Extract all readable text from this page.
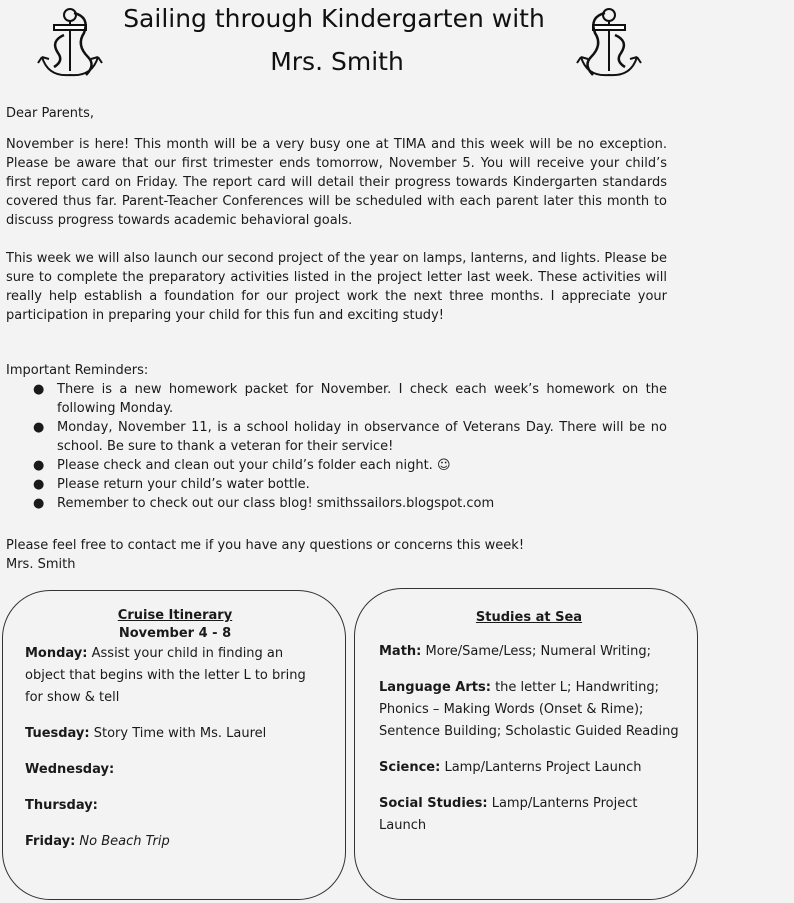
Sailing through Kindergarten with
Mrs. Smith
Dear Parents,
November is here! This month will be a very busy one at TIMA and this week will be no exception. Please be aware that our first trimester ends tomorrow, November 5. You will receive your child’s first report card on Friday. The report card will detail their progress towards Kindergarten standards covered thus far. Parent-Teacher Conferences will be scheduled with each parent later this month to discuss progress towards academic behavioral goals.
This week we will also launch our second project of the year on lamps, lanterns, and lights. Please be sure to complete the preparatory activities listed in the project letter last week. These activities will really help establish a foundation for our project work the next three months. I appreciate your participation in preparing your child for this fun and exciting study!
Important Reminders:
● There is a new homework packet for November. I check each week’s homework on the following Monday.
● Monday, November 11, is a school holiday in observance of Veterans Day. There will be no school. Be sure to thank a veteran for their service!
● Please check and clean out your child’s folder each night. ☺
● Please return your child’s water bottle.
● Remember to check out our class blog! smithssailors.blogspot.com
Please feel free to contact me if you have any questions or concerns this week!
Mrs. Smith
Cruise Itinerary
November 4 - 8
Monday: Assist your child in finding an object that begins with the letter L to bring for show & tell
Tuesday: Story Time with Ms. Laurel
Wednesday:
Thursday:
Friday: No Beach Trip
Studies at Sea
Math: More/Same/Less; Numeral Writing;
Language Arts: the letter L; Handwriting; Phonics – Making Words (Onset & Rime); Sentence Building; Scholastic Guided Reading
Science: Lamp/Lanterns Project Launch
Social Studies: Lamp/Lanterns Project Launch
